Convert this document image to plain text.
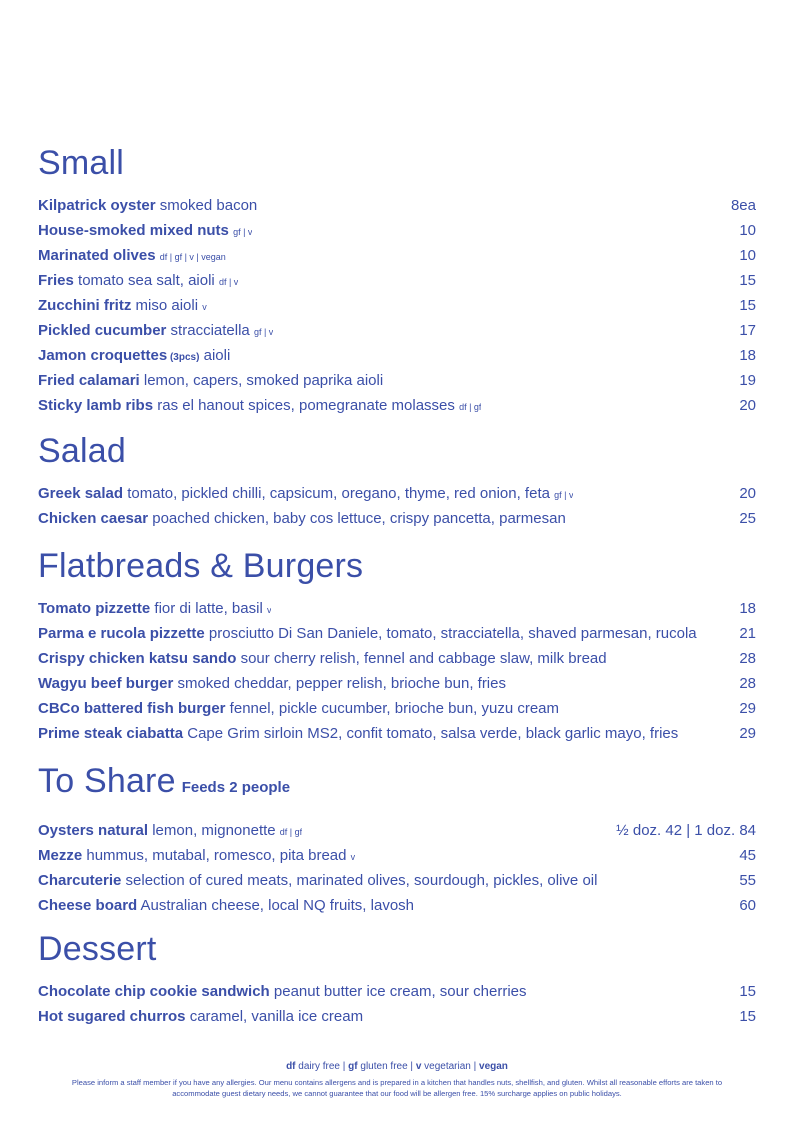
Small
Kilpatrick oyster smoked bacon	8ea
House-smoked mixed nuts gf | v	10
Marinated olives df | gf | v | vegan	10
Fries tomato sea salt, aioli df | v	15
Zucchini fritz miso aioli v	15
Pickled cucumber stracciatella gf | v	17
Jamon croquettes (3pcs) aioli	18
Fried calamari lemon, capers, smoked paprika aioli	19
Sticky lamb ribs ras el hanout spices, pomegranate molasses df | gf	20
Salad
Greek salad tomato, pickled chilli, capsicum, oregano, thyme, red onion, feta gf | v	20
Chicken caesar poached chicken, baby cos lettuce, crispy pancetta, parmesan	25
Flatbreads & Burgers
Tomato pizzette fior di latte, basil v	18
Parma e rucola pizzette prosciutto Di San Daniele, tomato, stracciatella, shaved parmesan, rucola	21
Crispy chicken katsu sando sour cherry relish, fennel and cabbage slaw, milk bread	28
Wagyu beef burger smoked cheddar, pepper relish, brioche bun, fries	28
CBCo battered fish burger fennel, pickle cucumber, brioche bun, yuzu cream	29
Prime steak ciabatta Cape Grim sirloin MS2, confit tomato, salsa verde, black garlic mayo, fries	29
To Share Feeds 2 people
Oysters natural lemon, mignonette df | gf	½ doz. 42 | 1 doz. 84
Mezze hummus, mutabal, romesco, pita bread v	45
Charcuterie selection of cured meats, marinated olives, sourdough, pickles, olive oil	55
Cheese board Australian cheese, local NQ fruits, lavosh	60
Dessert
Chocolate chip cookie sandwich peanut butter ice cream, sour cherries	15
Hot sugared churros caramel, vanilla ice cream	15
df dairy free | gf gluten free | v vegetarian | vegan
Please inform a staff member if you have any allergies. Our menu contains allergens and is prepared in a kitchen that handles nuts, shellfish, and gluten. Whilst all reasonable efforts are taken to accommodate guest dietary needs, we cannot guarantee that our food will be allergen free. 15% surcharge applies on public holidays.
